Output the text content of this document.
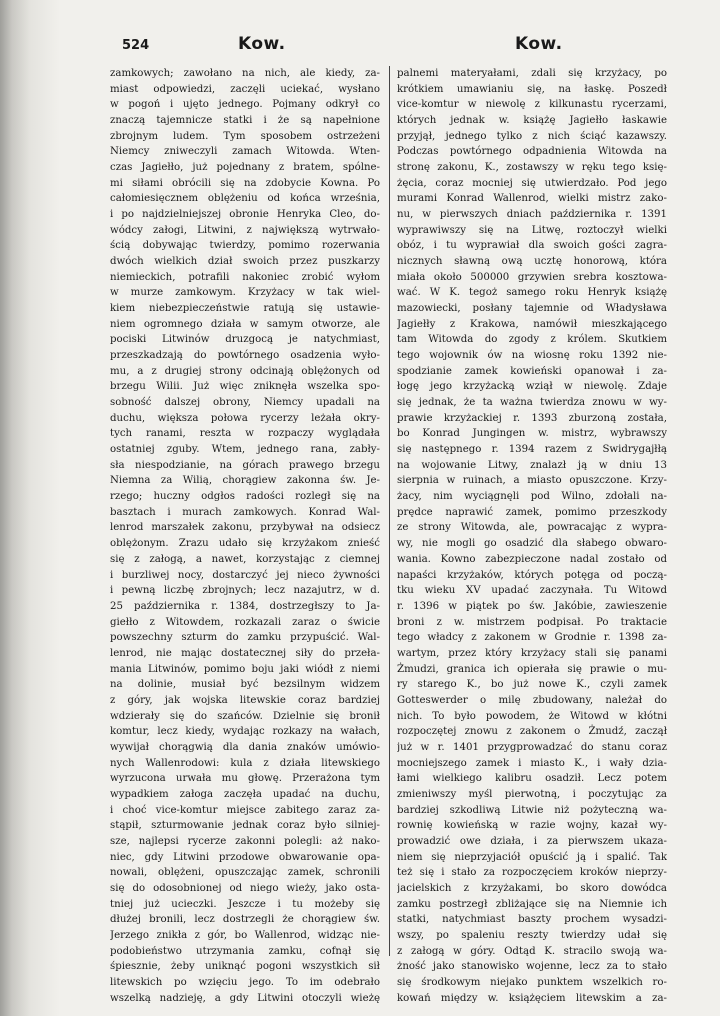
524	Kow.	Kow.
zamkowych; zawołano na nich, ale kiedy, za-
miast odpowiedzi, zaczęli uciekać, wysłano
w pogoń i ujęto jednego. Pojmany odkrył co
znaczą tajemnicze statki i że są napełnione
zbrojnym ludem. Tym sposobem ostrzeżeni
Niemcy zniweczyli zamach Witowda. Wten-
czas Jagiełło, już pojednany z bratem, spólne-
mi siłami obrócili się na zdobycie Kowna. Po
całomiesięcznem oblężeniu od końca września,
i po najdzielniejszej obronie Henryka Cleo, do-
wódcy załogi, Litwini, z największą wytrwało-
ścią dobywając twierdzy, pomimo rozerwania
dwóch wielkich dział swoich przez puszkarzy
niemieckich, potrafili nakoniec zrobić wyłom
w murze zamkowym. Krzyżacy w tak wiel-
kiem niebezpieczeństwie ratują się ustawie-
niem ogromnego działa w samym otworze, ale
pociski Litwinów druzgocą je natychmiast,
przeszkadzają do powtórnego osadzenia wyło-
mu, a z drugiej strony odcinają oblężonych od
brzegu Wilii. Już więc zniknęła wszelka spo-
sobność dalszej obrony, Niemcy upadali na
duchu, większa połowa rycerzy leżała okry-
tych ranami, reszta w rozpaczy wyglądała
ostatniej zguby. Wtem, jednego rana, zabły-
sła niespodzianie, na górach prawego brzegu
Niemna za Wilią, chorągiew zakonna św. Je-
rzego; huczny odgłos radości rozległ się na
basztach i murach zamkowych. Konrad Wal-
lenrod marszałek zakonu, przybywał na odsiecz
oblężonym. Zrazu udało się krzyżakom znieść
się z załogą, a nawet, korzystając z ciemnej
i burzliwej nocy, dostarczyć jej nieco żywności
i pewną liczbę zbrojnych; lecz nazajutrz, w d.
25 października r. 1384, dostrzegłszy to Ja-
giełło z Witowdem, rozkazali zaraz o świcie
powszechny szturm do zamku przypuścić. Wal-
lenrod, nie mając dostatecznej siły do przeła-
mania Litwinów, pomimo boju jaki wiódł z niemi
na dolinie, musiał być bezsilnym widzem
z góry, jak wojska litewskie coraz bardziej
wdzierały się do szańców. Dzielnie się bronił
komtur, lecz kiedy, wydając rozkazy na wałach,
wywijał chorągwią dla dania znaków umówio-
nych Wallenrodowi: kula z działa litewskiego
wyrzucona urwała mu głowę. Przerażona tym
wypadkiem załoga zaczęła upadać na duchu,
i choć vice-komtur miejsce zabitego zaraz za-
stąpił, szturmowanie jednak coraz było silniej-
sze, najlepsi rycerze zakonni polegli: aż nako-
niec, gdy Litwini przodowe obwarowanie opa-
nowali, oblężeni, opuszczając zamek, schronili
się do odosobnionej od niego wieży, jako osta-
tniej już ucieczki. Jeszcze i tu możeby się
dłużej bronili, lecz dostrzegli że chorągiew św.
Jerzego znikła z gór, bo Wallenrod, widząc nie-
podobieństwo utrzymania zamku, cofnął się
śpiesznie, żeby uniknąć pogoni wszystkich sił
litewskich po wzięciu jego. To im odebrało
wszelką nadzieję, a gdy Litwini otoczyli wieżę
palnemi materyałami, zdali się krzyżacy, po
krótkiem umawianiu się, na łaskę. Poszedł
vice-komtur w niewolę z kilkunastu rycerzami,
których jednak w. książę Jagiełło łaskawie
przyjął, jednego tylko z nich ściąć kazawszy.
Podczas powtórnego odpadnienia Witowda na
stronę zakonu, K., zostawszy w ręku tego księ-
żęcia, coraz mocniej się utwierdzało. Pod jego
murami Konrad Wallenrod, wielki mistrz zako-
nu, w pierwszych dniach października r. 1391
wyprawiwszy się na Litwę, roztoczył wielki
obóz, i tu wyprawiał dla swoich gości zagra-
nicznych sławną ową ucztę honorową, która
miała około 500000 grzywien srebra kosztowa-
wać. W K. tegoż samego roku Henryk książę
mazowiecki, posłany tajemnie od Władysława
Jagiełły z Krakowa, namówił mieszkającego
tam Witowda do zgody z królem. Skutkiem
tego wojownik ów na wiosnę roku 1392 nie-
spodzianie zamek kowieński opanował i za-
łogę jego krzyżacką wziął w niewolę. Zdaje
się jednak, że ta ważna twierdza znowu w wy-
prawie krzyżackiej r. 1393 zburzoną została,
bo Konrad Jungingen w. mistrz, wybrawszy
się następnego r. 1394 razem z Swidrygajłłą
na wojowanie Litwy, znalazł ją w dniu 13
sierpnia w ruinach, a miasto opuszczone. Krzy-
żacy, nim wyciągnęli pod Wilno, zdołali na-
prędce naprawić zamek, pomimo przeszkody
ze strony Witowda, ale, powracając z wypra-
wy, nie mogli go osadzić dla słabego obwaro-
wania. Kowno zabezpieczone nadal zostało od
napaści krzyżaków, których potęga od począ-
tku wieku XV upadać zaczynała. Tu Witowd
r. 1396 w piątek po św. Jakóbie, zawieszenie
broni z w. mistrzem podpisał. Po traktacie
tego władcy z zakonem w Grodnie r. 1398 za-
wartym, przez który krzyżacy stali się panami
Żmudzi, granica ich opierała się prawie o mu-
ry starego K., bo już nowe K., czyli zamek
Gotteswerder o milę zbudowany, należał do
nich. To było powodem, że Witowd w kłótni
rozpoczętej znowu z zakonem o Żmudź, zaczął
już w r. 1401 przygprowadzać do stanu coraz
mocniejszego zamek i miasto K., i wały dzia-
łami wielkiego kalibru osadził. Lecz potem
zmieniwszy myśl pierwotną, i poczytując za
bardziej szkodliwą Litwie niż pożyteczną wa-
rownię kowieńską w razie wojny, kazał wy-
prowadzić owe działa, i za pierwszem ukaza-
niem się nieprzyjaciół opuścić ją i spalić. Tak
też się i stało za rozpoczęciem kroków nieprzy-
jacielskich z krzyżakami, bo skoro dowódca
zamku postrzegł zbliżające się na Niemnie ich
statki, natychmiast baszty prochem wysadzi-
wszy, po spaleniu reszty twierdzy udał się
z załogą w góry. Odtąd K. stracilo swoją wa-
żność jako stanowisko wojenne, lecz za to stało
się środkowym niejako punktem wszelkich ro-
kowań między w. książęciem litewskim a za-
